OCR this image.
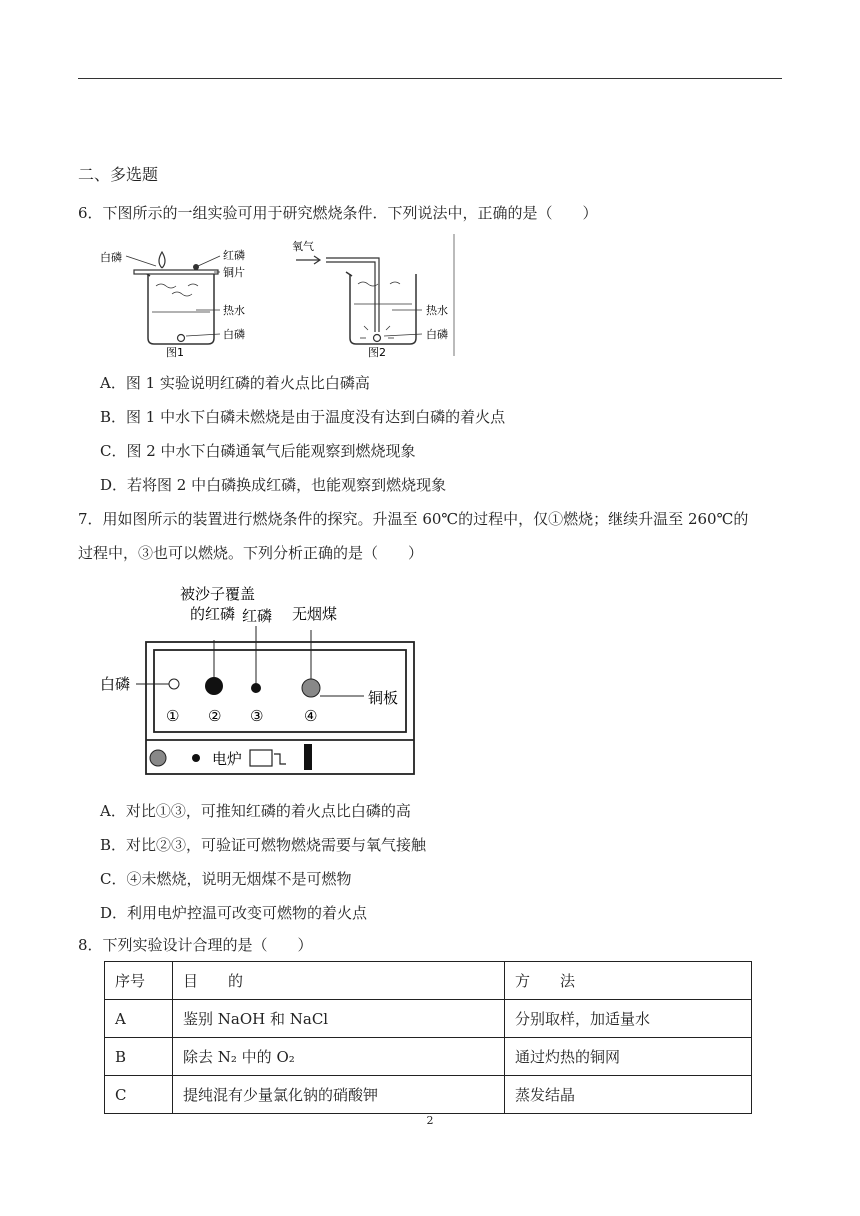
二、多选题
6．下图所示的一组实验可用于研究燃烧条件．下列说法中，正确的是（　　）
白磷	红磷
铜片
热水
白磷
图1
氧气
热水
白磷
图2
A．图 1 实验说明红磷的着火点比白磷高
B．图 1 中水下白磷未燃烧是由于温度没有达到白磷的着火点
C．图 2 中水下白磷通氧气后能观察到燃烧现象
D．若将图 2 中白磷换成红磷，也能观察到燃烧现象
7．用如图所示的装置进行燃烧条件的探究。升温至 60℃的过程中，仅①燃烧；继续升温至 260℃的
过程中，③也可以燃烧。下列分析正确的是（　　）
被沙子覆盖
的红磷 红磷 无烟煤
白磷
铜板
① ② ③	④
电炉
A．对比①③，可推知红磷的着火点比白磷的高
B．对比②③，可验证可燃物燃烧需要与氧气接触
C．④未燃烧，说明无烟煤不是可燃物
D．利用电炉控温可改变可燃物的着火点
8．下列实验设计合理的是（　　）
序号	目　　的	方　　法
A	鉴别 NaOH 和 NaCl	分别取样，加适量水
B	除去 N₂ 中的 O₂	通过灼热的铜网
C	提纯混有少量氯化钠的硝酸钾	蒸发结晶
2
